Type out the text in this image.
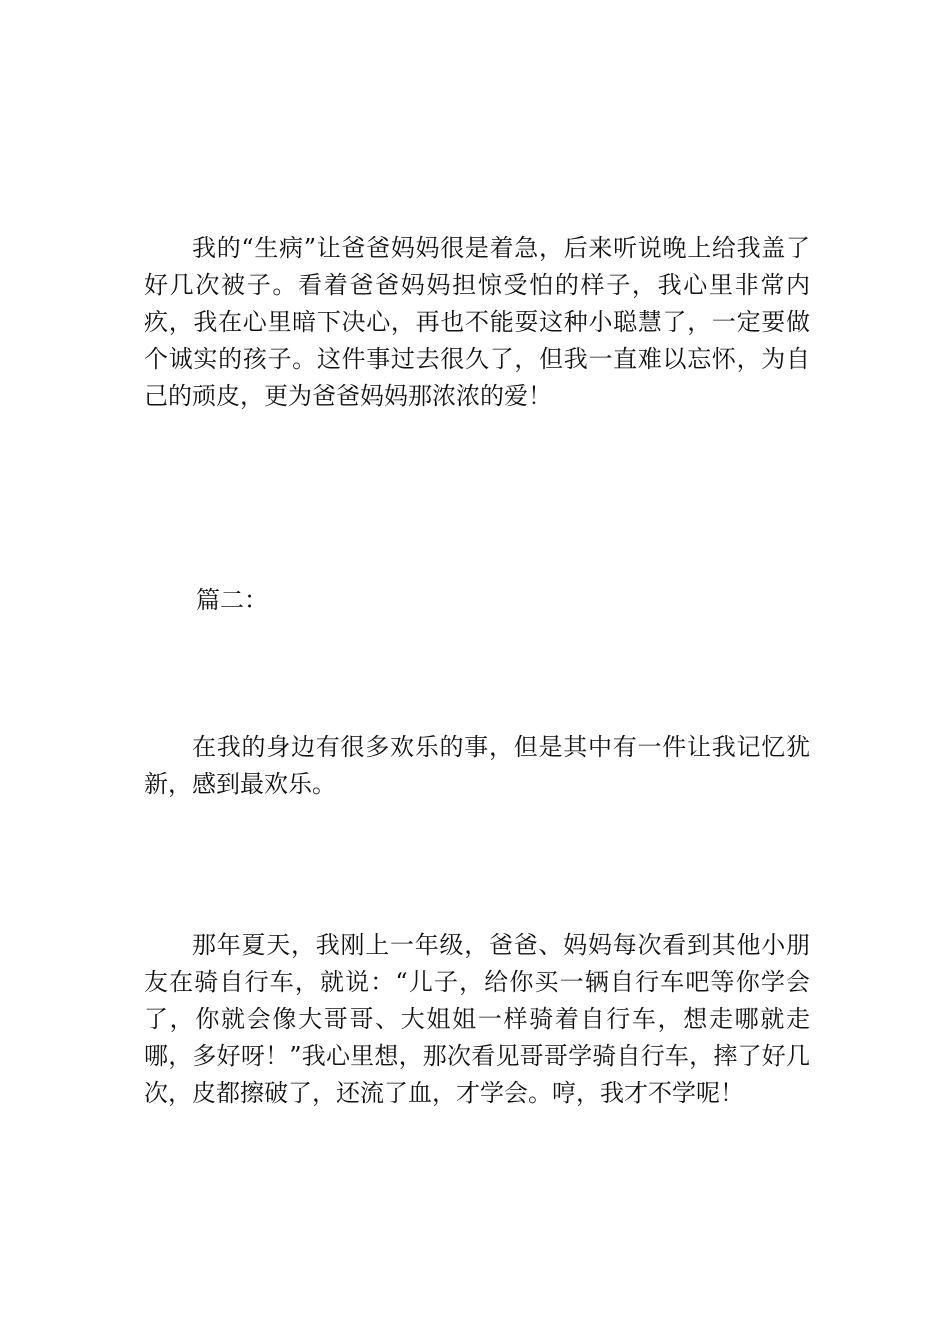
我的“生病”让爸爸妈妈很是着急，后来听说晚上给我盖了好几次被子。看着爸爸妈妈担惊受怕的样子，我心里非常内疚，我在心里暗下决心，再也不能耍这种小聪慧了，一定要做个诚实的孩子。这件事过去很久了，但我一直难以忘怀，为自己的顽皮，更为爸爸妈妈那浓浓的爱！

篇二：

在我的身边有很多欢乐的事，但是其中有一件让我记忆犹新，感到最欢乐。

那年夏天，我刚上一年级，爸爸、妈妈每次看到其他小朋友在骑自行车，就说：“儿子，给你买一辆自行车吧等你学会了，你就会像大哥哥、大姐姐一样骑着自行车，想走哪就走哪，多好呀！”我心里想，那次看见哥哥学骑自行车，摔了好几次，皮都擦破了，还流了血，才学会。哼，我才不学呢！
